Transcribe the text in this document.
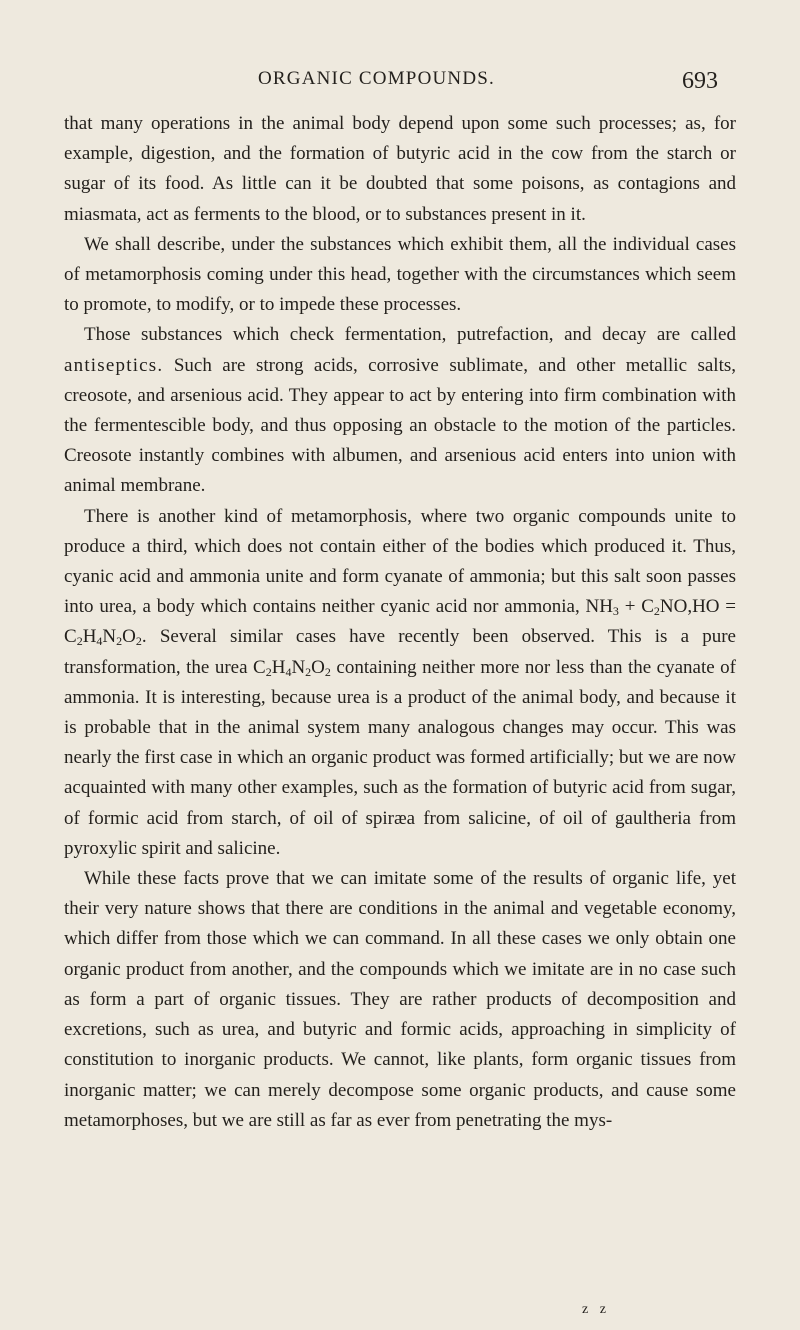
ORGANIC COMPOUNDS.	693

that many operations in the animal body depend upon some such processes; as, for example, digestion, and the formation of butyric acid in the cow from the starch or sugar of its food. As little can it be doubted that some poisons, as contagions and miasmata, act as ferments to the blood, or to substances present in it.

We shall describe, under the substances which exhibit them, all the individual cases of metamorphosis coming under this head, together with the circumstances which seem to promote, to modify, or to impede these processes.

Those substances which check fermentation, putrefaction, and decay are called antiseptics. Such are strong acids, corrosive sublimate, and other metallic salts, creosote, and arsenious acid. They appear to act by entering into firm combination with the fermentescible body, and thus opposing an obstacle to the motion of the particles. Creosote instantly combines with albumen, and arsenious acid enters into union with animal membrane.

There is another kind of metamorphosis, where two organic compounds unite to produce a third, which does not contain either of the bodies which produced it. Thus, cyanic acid and ammonia unite and form cyanate of ammonia; but this salt soon passes into urea, a body which contains neither cyanic acid nor ammonia, $NH_3 + C_2NO,HO = C_2H_4N_2O_2$. Several similar cases have recently been observed. This is a pure transformation, the urea $C_2H_4N_2O_2$ containing neither more nor less than the cyanate of ammonia. It is interesting, because urea is a product of the animal body, and because it is probable that in the animal system many analogous changes may occur. This was nearly the first case in which an organic product was formed artificially; but we are now acquainted with many other examples, such as the formation of butyric acid from sugar, of formic acid from starch, of oil of spiræa from salicine, of oil of gaultheria from pyroxylic spirit and salicine.

While these facts prove that we can imitate some of the results of organic life, yet their very nature shows that there are conditions in the animal and vegetable economy, which differ from those which we can command. In all these cases we only obtain one organic product from another, and the compounds which we imitate are in no case such as form a part of organic tissues. They are rather products of decomposition and excretions, such as urea, and butyric and formic acids, approaching in simplicity of constitution to inorganic products. We cannot, like plants, form organic tissues from inorganic matter; we can merely decompose some organic products, and cause some metamorphoses, but we are still as far as ever from penetrating the mys-

z z
